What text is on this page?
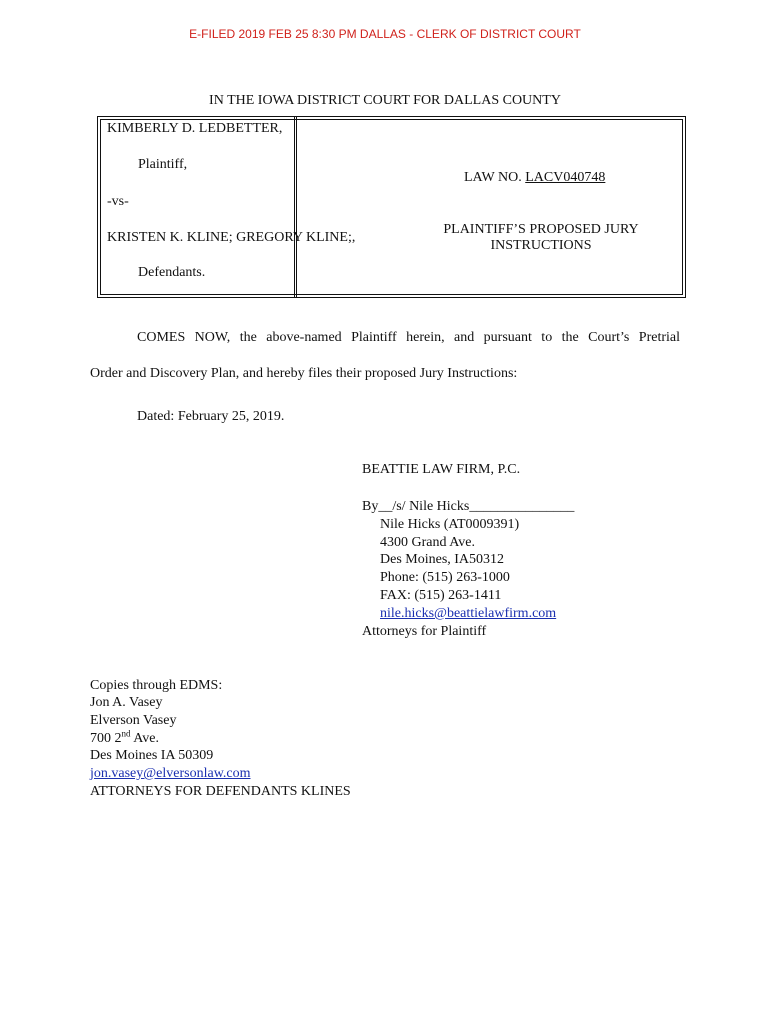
E-FILED 2019 FEB 25 8:30 PM DALLAS - CLERK OF DISTRICT COURT
IN THE IOWA DISTRICT COURT FOR DALLAS COUNTY
KIMBERLY D. LEDBETTER,
Plaintiff,
-vs-
KRISTEN K. KLINE; GREGORY KLINE;,
Defendants.
LAW NO. LACV040748
PLAINTIFF’S PROPOSED JURY
INSTRUCTIONS
COMES NOW, the above-named Plaintiff herein, and pursuant to the Court’s Pretrial
Order and Discovery Plan, and hereby files their proposed Jury Instructions:
Dated: February 25, 2019.
BEATTIE LAW FIRM, P.C.
By__/s/ Nile Hicks_______________
Nile Hicks (AT0009391)
4300 Grand Ave.
Des Moines, IA50312
Phone: (515) 263-1000
FAX: (515) 263-1411
nile.hicks@beattielawfirm.com
Attorneys for Plaintiff
Copies through EDMS:
Jon A. Vasey
Elverson Vasey
700 2nd Ave.
Des Moines IA 50309
jon.vasey@elversonlaw.com
ATTORNEYS FOR DEFENDANTS KLINES
